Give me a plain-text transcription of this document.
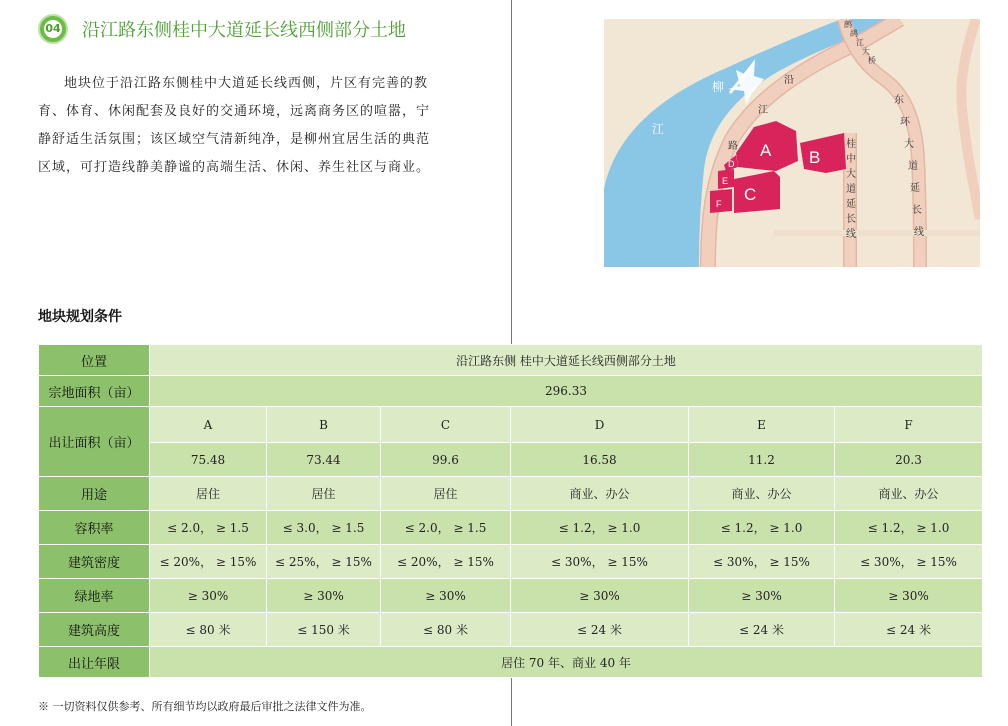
04 沿江路东侧桂中大道延长线西侧部分土地

地块位于沿江路东侧桂中大道延长线西侧，片区有完善的教育、体育、休闲配套及良好的交通环境，远离商务区的喧嚣，宁静舒适生活氛围；该区域空气清新纯净，是柳州宜居生活的典范区域，可打造线静美静谧的高端生活、休闲、养生社区与商业。

A B
C
D
E
F
柳
江
沿
江
路	桂
中
大
道
延
长
线
东
环
大
道
延
长
线
鹧
鸪
江
大
桥
地块规划条件
位置	沿江路东侧 桂中大道延长线西侧部分土地					
宗地面积（亩）	296.33					
出让面积（亩）	A	B	C	D	E	F
	75.48	73.44	99.6	16.58	11.2	20.3
用途	居住	居住	居住	商业、办公	商业、办公	商业、办公
容积率	≤ 2.0， ≥ 1.5	≤ 3.0， ≥ 1.5	≤ 2.0， ≥ 1.5	≤ 1.2， ≥ 1.0	≤ 1.2， ≥ 1.0	≤ 1.2， ≥ 1.0
建筑密度	≤ 20%， ≥ 15%	≤ 25%， ≥ 15%	≤ 20%， ≥ 15%	≤ 30%， ≥ 15%	≤ 30%， ≥ 15%	≤ 30%， ≥ 15%
绿地率	≥ 30%	≥ 30%	≥ 30%	≥ 30%	≥ 30%	≥ 30%
建筑高度	≤ 80 米	≤ 150 米	≤ 80 米	≤ 24 米	≤ 24 米	≤ 24 米
出让年限	居住 70 年、商业 40 年					
※ 一切资料仅供参考、所有细节均以政府最后审批之法律文件为准。
